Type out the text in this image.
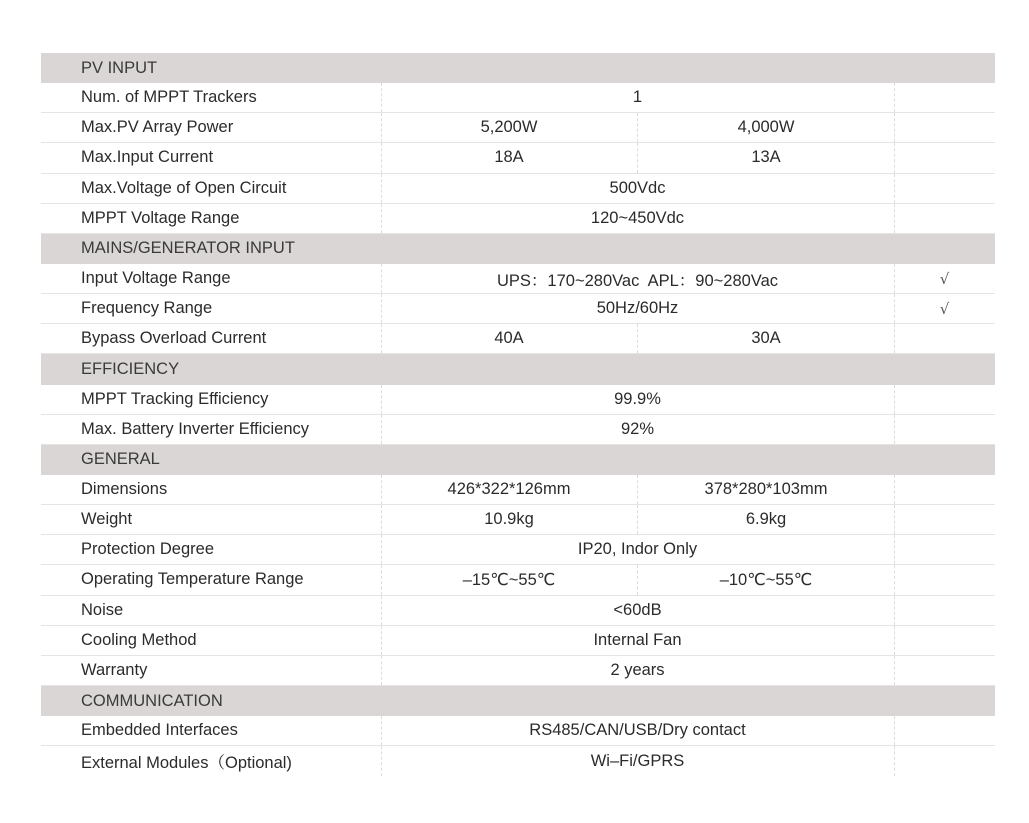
PV INPUT
Num. of MPPT Trackers	1
Max.PV Array Power	5,200W	4,000W
Max.Input Current	18A	13A
Max.Voltage of Open Circuit	500Vdc
MPPT Voltage Range	120~450Vdc
MAINS/GENERATOR INPUT
Input Voltage Range	UPS：170~280Vac  APL：90~280Vac	√
Frequency Range	50Hz/60Hz	√
Bypass Overload Current	40A	30A
EFFICIENCY
MPPT Tracking Efficiency	99.9%
Max. Battery Inverter Efficiency	92%
GENERAL
Dimensions	426*322*126mm	378*280*103mm
Weight	10.9kg	6.9kg
Protection Degree	IP20, Indor Only
Operating Temperature Range	–15℃~55℃	–10℃~55℃
Noise	<60dB
Cooling Method	Internal Fan
Warranty	2 years
COMMUNICATION
Embedded Interfaces	RS485/CAN/USB/Dry contact
External Modules（Optional)	Wi–Fi/GPRS
